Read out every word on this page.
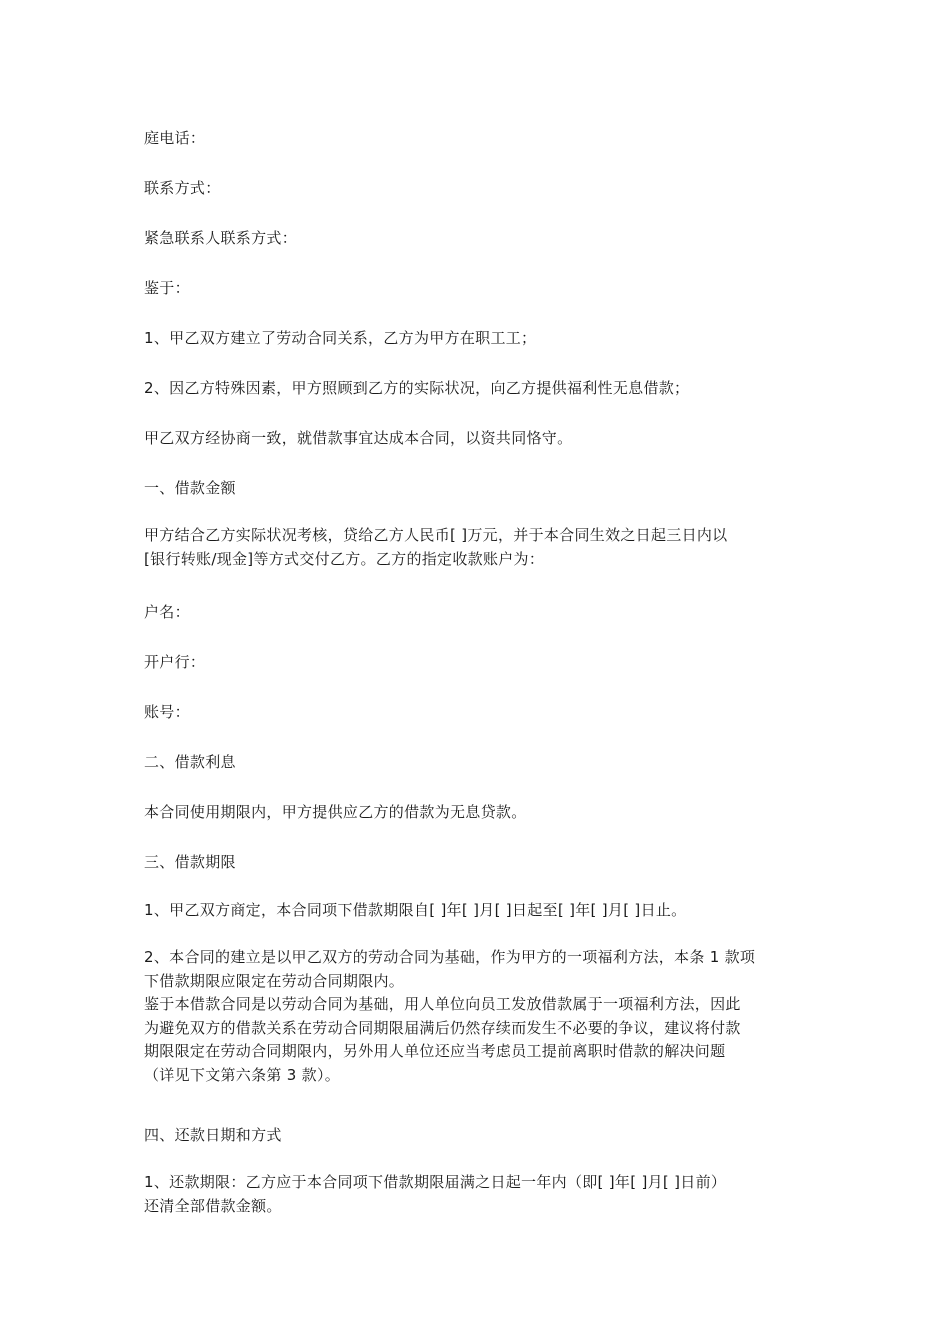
庭电话：
联系方式：
紧急联系人联系方式：
鉴于：
1、甲乙双方建立了劳动合同关系，乙方为甲方在职工工；
2、因乙方特殊因素，甲方照顾到乙方的实际状况，向乙方提供福利性无息借款；
甲乙双方经协商一致，就借款事宜达成本合同，以资共同恪守。
一、借款金额
甲方结合乙方实际状况考核，贷给乙方人民币[ ]万元，并于本合同生效之日起三日内以
[银行转账/现金]等方式交付乙方。乙方的指定收款账户为：
户名：
开户行：
账号：
二、借款利息
本合同使用期限内，甲方提供应乙方的借款为无息贷款。
三、借款期限
1、甲乙双方商定，本合同项下借款期限自[ ]年[ ]月[ ]日起至[ ]年[ ]月[ ]日止。
2、本合同的建立是以甲乙双方的劳动合同为基础，作为甲方的一项福利方法，本条 1 款项
下借款期限应限定在劳动合同期限内。
鉴于本借款合同是以劳动合同为基础，用人单位向员工发放借款属于一项福利方法，因此
为避免双方的借款关系在劳动合同期限届满后仍然存续而发生不必要的争议，建议将付款
期限限定在劳动合同期限内，另外用人单位还应当考虑员工提前离职时借款的解决问题
（详见下文第六条第 3 款）。
四、还款日期和方式
1、还款期限：乙方应于本合同项下借款期限届满之日起一年内（即[ ]年[ ]月[ ]日前）
还清全部借款金额。
